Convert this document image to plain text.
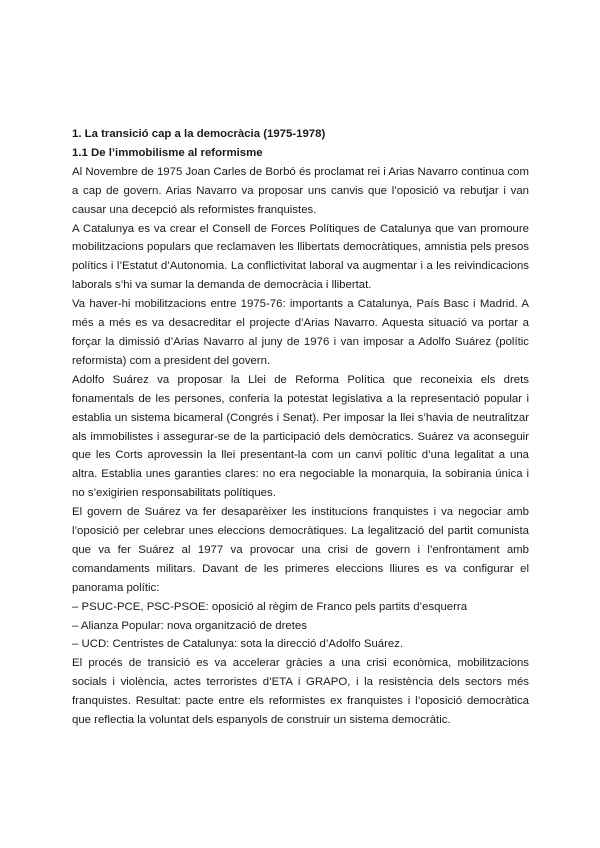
1. La transició cap a la democràcia (1975-1978)
1.1 De l’immobilisme al reformisme

Al Novembre de 1975 Joan Carles de Borbó és proclamat rei i Arias Navarro continua com a cap de govern. Arias Navarro va proposar uns canvis que l’oposició va rebutjar i van causar una decepció als reformistes franquistes.

A Catalunya es va crear el Consell de Forces Polítiques de Catalunya que van promoure mobilitzacions populars que reclamaven les llibertats democràtiques, amnistia pels presos polítics i l’Estatut d’Autonomia. La conflictivitat laboral va augmentar i a les reivindicacions laborals s’hi va sumar la demanda de democràcia i llibertat.

Va haver-hi mobilitzacions entre 1975-76: importants a Catalunya, País Basc i Madrid. A més a més es va desacreditar el projecte d’Arias Navarro. Aquesta situació va portar a forçar la dimissió d’Arias Navarro al juny de 1976 i van imposar a Adolfo Suárez (polític reformista) com a president del govern.

Adolfo Suárez va proposar la Llei de Reforma Política que reconeixia els drets fonamentals de les persones, conferia la potestat legislativa a la representació popular i establia un sistema bicameral (Congrés i Senat). Per imposar la llei s’havia de neutralitzar als immobilistes i assegurar-se de la participació dels demòcratics. Suárez va aconseguir que les Corts aprovessin la llei presentant-la com un canvi polític d’una legalitat a una altra. Establia unes garanties clares: no era negociable la monarquia, la sobirania única i no s’exigirien responsabilitats polítiques.

El govern de Suárez va fer desaparèixer les institucions franquistes i va negociar amb l’oposició per celebrar unes eleccions democràtiques. La legalització del partit comunista que va fer Suárez al 1977 va provocar una crisi de govern i l’enfrontament amb comandaments militars. Davant de les primeres eleccions lliures es va configurar el panorama polític:

– PSUC-PCE, PSC-PSOE: oposició al règim de Franco pels partits d’esquerra
– Alianza Popular: nova organització de dretes
– UCD: Centristes de Catalunya: sota la direcció d’Adolfo Suárez.

El procés de transició es va accelerar gràcies a una crisi econòmica, mobilitzacions socials i violència, actes terroristes d’ETA i GRAPO, i la resistència dels sectors més franquistes. Resultat: pacte entre els reformistes ex franquistes i l’oposició democràtica que reflectia la voluntat dels espanyols de construir un sistema democràtic.
